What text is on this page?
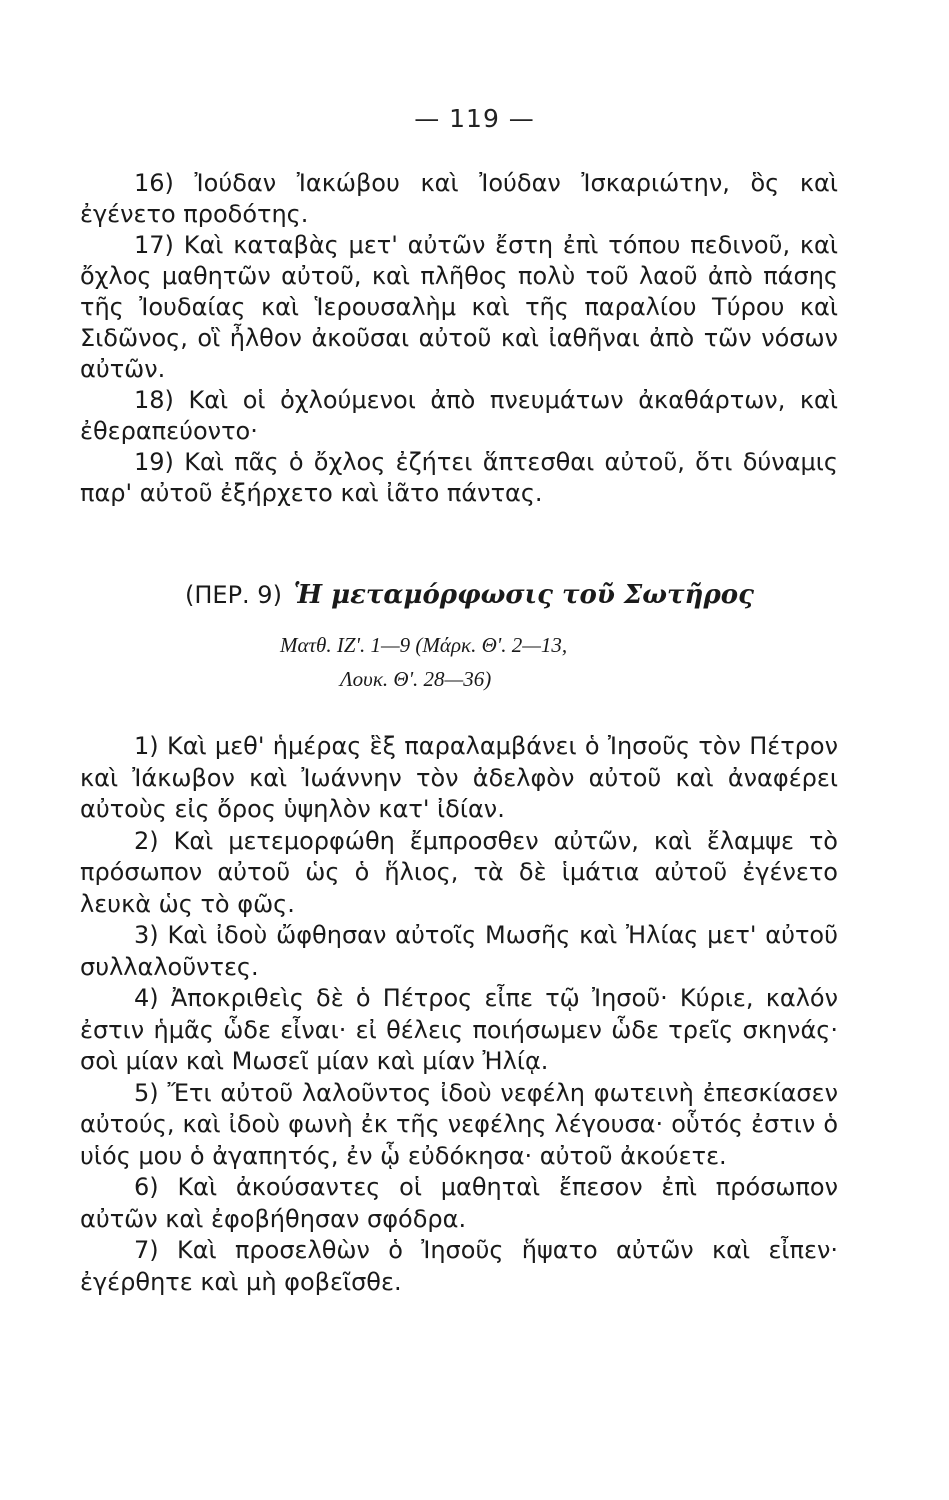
— 119 —

16) Ἰούδαν Ἰακώβου καὶ Ἰούδαν Ἰσκαριώτην, ὃς καὶ ἐγένετο προδότης.

17) Καὶ καταβὰς μετ' αὐτῶν ἔστη ἐπὶ τόπου πεδινοῦ, καὶ ὄχλος μαθητῶν αὐτοῦ, καὶ πλῆθος πολὺ τοῦ λαοῦ ἀπὸ πάσης τῆς Ἰουδαίας καὶ Ἱερουσαλὴμ καὶ τῆς παραλίου Τύρου καὶ Σιδῶνος, οἳ ἦλθον ἀκοῦσαι αὐτοῦ καὶ ἰαθῆναι ἀπὸ τῶν νόσων αὐτῶν.

18) Καὶ οἱ ὀχλούμενοι ἀπὸ πνευμάτων ἀκαθάρτων, καὶ ἐθεραπεύοντο·

19) Καὶ πᾶς ὁ ὄχλος ἐζήτει ἅπτεσθαι αὐτοῦ, ὅτι δύναμις παρ' αὐτοῦ ἐξήρχετο καὶ ἰᾶτο πάντας.

(ΠΕΡ. 9) Ἡ μεταμόρφωσις τοῦ Σωτῆρος

Ματθ. ΙΖ'. 1—9 (Μάρκ. Θ'. 2—13,

Λουκ. Θ'. 28—36)

1) Καὶ μεθ' ἡμέρας ἓξ παραλαμβάνει ὁ Ἰησοῦς τὸν Πέτρον καὶ Ἰάκωβον καὶ Ἰωάννην τὸν ἀδελφὸν αὐτοῦ καὶ ἀναφέρει αὐτοὺς εἰς ὄρος ὑψηλὸν κατ' ἰδίαν.

2) Καὶ μετεμορφώθη ἔμπροσθεν αὐτῶν, καὶ ἔλαμψε τὸ πρόσωπον αὐτοῦ ὡς ὁ ἥλιος, τὰ δὲ ἱμάτια αὐτοῦ ἐγένετο λευκὰ ὡς τὸ φῶς.

3) Καὶ ἰδοὺ ὤφθησαν αὐτοῖς Μωσῆς καὶ Ἠλίας μετ' αὐτοῦ συλλαλοῦντες.

4) Ἀποκριθεὶς δὲ ὁ Πέτρος εἶπε τῷ Ἰησοῦ· Κύριε, καλόν ἐστιν ἡμᾶς ὧδε εἶναι· εἰ θέλεις ποιήσωμεν ὧδε τρεῖς σκηνάς· σοὶ μίαν καὶ Μωσεῖ μίαν καὶ μίαν Ἠλίᾳ.

5) Ἔτι αὐτοῦ λαλοῦντος ἰδοὺ νεφέλη φωτεινὴ ἐπεσκίασεν αὐτούς, καὶ ἰδοὺ φωνὴ ἐκ τῆς νεφέλης λέγουσα· οὗτός ἐστιν ὁ υἱός μου ὁ ἀγαπητός, ἐν ᾧ εὐδόκησα· αὐτοῦ ἀκούετε.

6) Καὶ ἀκούσαντες οἱ μαθηταὶ ἔπεσον ἐπὶ πρόσωπον αὐτῶν καὶ ἐφοβήθησαν σφόδρα.

7) Καὶ προσελθὼν ὁ Ἰησοῦς ἥψατο αὐτῶν καὶ εἶπεν· ἐγέρθητε καὶ μὴ φοβεῖσθε.
